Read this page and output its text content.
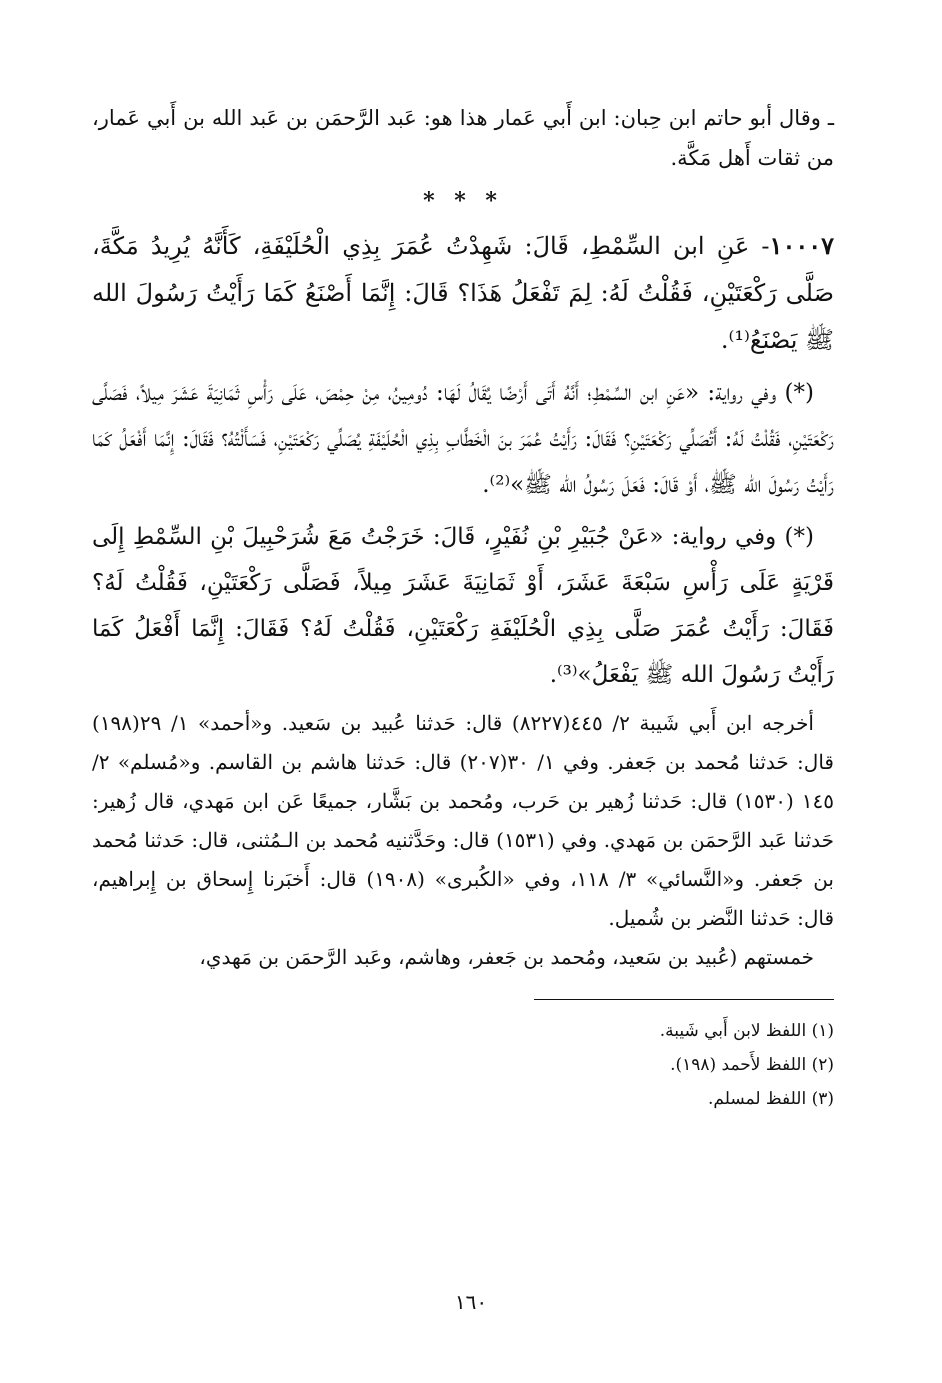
ـ وقال أبو حاتم ابن حِبان: ابن أَبي عَمار هذا هو: عَبد الرَّحمَن بن عَبد الله بن أَبي عَمار، من ثقات أَهل مَكَّة.

* * *

١٠٠٠٧- عَنِ ابن السِّمْطِ، قَالَ: شَهِدْتُ عُمَرَ بِذِي الْحُلَيْفَةِ، كَأَنَّهُ يُرِيدُ مَكَّةَ، صَلَّى رَكْعَتَيْنِ، فَقُلْتُ لَهُ: لِمَ تَفْعَلُ هَذَا؟ قَالَ: إِنَّمَا أَصْنَعُ كَمَا رَأَيْتُ رَسُولَ الله ﷺ يَصْنَعُ⁽¹⁾.

(*) وفي رواية: «عَنِ ابن السِّمْطِ؛ أَنَّهُ أَتَى أَرْضًا يُقَالُ لَهَا: دُومِينُ، مِنْ حِمْصَ، عَلَى رَأْسِ ثَمَانِيَةَ عَشَرَ مِيلاً، فَصَلَّى رَكْعَتَيْنِ، فَقُلْتُ لَهُ: أَتُصَلِّي رَكْعَتَيْنِ؟ فَقَالَ: رَأَيْتُ عُمَرَ بنَ الْخَطَّابِ بِذِي الْحُلَيْفَةِ يُصَلِّي رَكْعَتَيْنِ، فَسَأَلْتُهُ؟ فَقَالَ: إِنَّمَا أَفْعَلُ كَمَا رَأَيْتُ رَسُولَ الله ﷺ، أَوْ قَالَ: فَعَلَ رَسُولُ الله ﷺ»⁽²⁾.

(*) وفي رواية: «عَنْ جُبَيْرِ بْنِ نُفَيْرٍ، قَالَ: خَرَجْتُ مَعَ شُرَحْبِيلَ بْنِ السِّمْطِ إِلَى قَرْيَةٍ عَلَى رَأْسِ سَبْعَةَ عَشَرَ، أَوْ ثَمَانِيَةَ عَشَرَ مِيلاً، فَصَلَّى رَكْعَتَيْنِ، فَقُلْتُ لَهُ؟ فَقَالَ: رَأَيْتُ عُمَرَ صَلَّى بِذِي الْحُلَيْفَةِ رَكْعَتَيْنِ، فَقُلْتُ لَهُ؟ فَقَالَ: إِنَّمَا أَفْعَلُ كَمَا رَأَيْتُ رَسُولَ الله ﷺ يَفْعَلُ»⁽³⁾.

أخرجه ابن أَبي شَيبة ٢/ ٤٤٥(٨٢٢٧) قال: حَدثنا عُبيد بن سَعيد. و«أحمد» ١/ ٢٩(١٩٨) قال: حَدثنا مُحمد بن جَعفر. وفي ١/ ٣٠(٢٠٧) قال: حَدثنا هاشم بن القاسم. و«مُسلم» ٢/ ١٤٥ (١٥٣٠) قال: حَدثنا زُهير بن حَرب، ومُحمد بن بَشَّار، جميعًا عَن ابن مَهدي، قال زُهير: حَدثنا عَبد الرَّحمَن بن مَهدي. وفي (١٥٣١) قال: وحَدَّثنيه مُحمد بن الـمُثنى، قال: حَدثنا مُحمد بن جَعفر. و«النَّسائي» ٣/ ١١٨، وفي «الكُبرى» (١٩٠٨) قال: أَخبَرنا إِسحاق بن إِبراهيم، قال: حَدثنا النَّضر بن شُميل.

خمستهم (عُبيد بن سَعيد، ومُحمد بن جَعفر، وهاشم، وعَبد الرَّحمَن بن مَهدي،

(١) اللفظ لابن أَبي شَيبة.

(٢) اللفظ لأَحمد (١٩٨).

(٣) اللفظ لمسلم.

١٦٠
